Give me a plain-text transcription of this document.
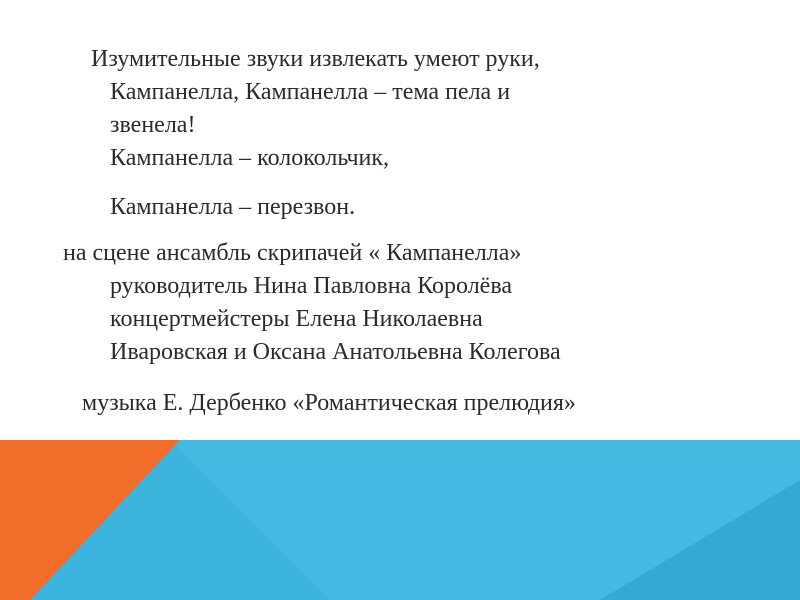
Изумительные звуки извлекать умеют руки,
Кампанелла, Кампанелла – тема пела и
звенела!
Кампанелла – колокольчик,
Кампанелла – перезвон.
на сцене ансамбль скрипачей « Кампанелла»
руководитель Нина Павловна Королёва
концертмейстеры Елена Николаевна
Иваровская и Оксана Анатольевна Колегова
музыка Е. Дербенко «Романтическая прелюдия»
